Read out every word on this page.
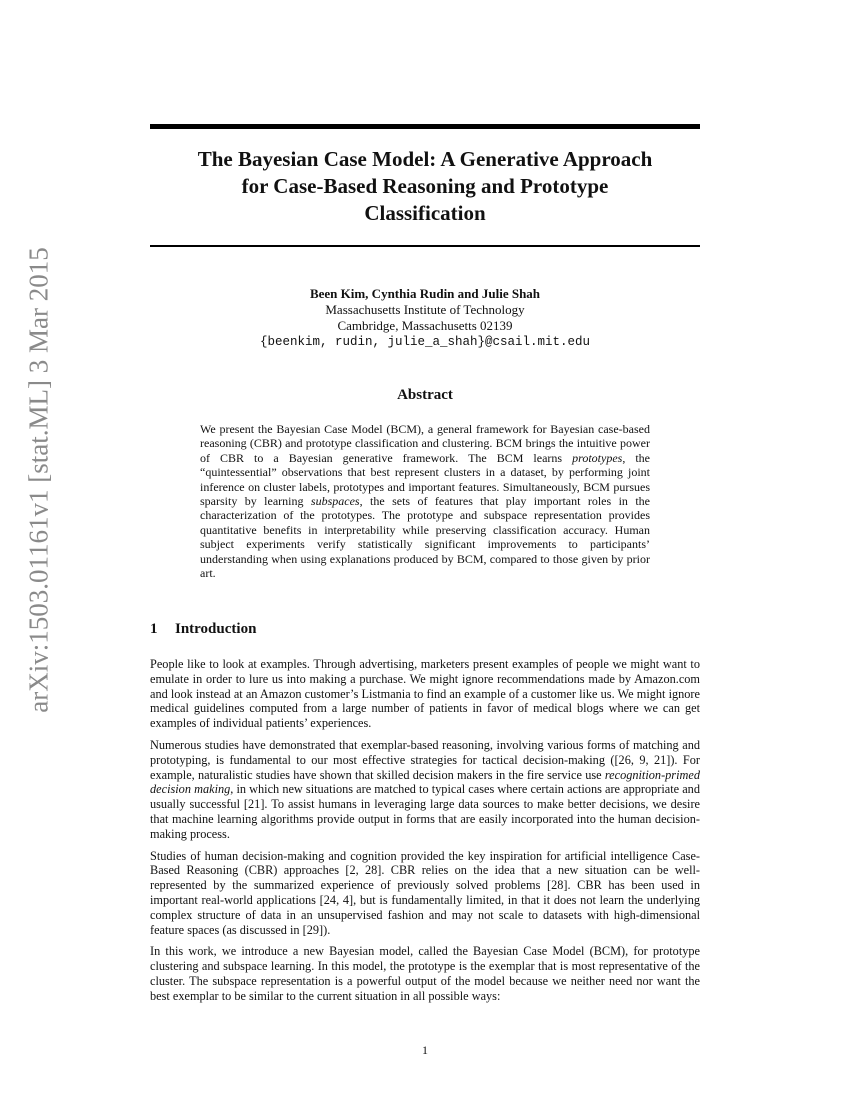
arXiv:1503.01161v1 [stat.ML] 3 Mar 2015
The Bayesian Case Model: A Generative Approach
for Case-Based Reasoning and Prototype
Classification
Been Kim, Cynthia Rudin and Julie Shah
Massachusetts Institute of Technology
Cambridge, Massachusetts 02139
{beenkim, rudin, julie_a_shah}@csail.mit.edu
Abstract
We present the Bayesian Case Model (BCM), a general framework for Bayesian case-based reasoning (CBR) and prototype classification and clustering. BCM brings the intuitive power of CBR to a Bayesian generative framework. The BCM learns prototypes, the “quintessential” observations that best represent clusters in a dataset, by performing joint inference on cluster labels, prototypes and important features. Simultaneously, BCM pursues sparsity by learning subspaces, the sets of features that play important roles in the characterization of the prototypes. The prototype and subspace representation provides quantitative benefits in interpretability while preserving classification accuracy. Human subject experiments verify statistically significant improvements to participants’ understanding when using explanations produced by BCM, compared to those given by prior art.
1 Introduction

People like to look at examples. Through advertising, marketers present examples of people we might want to emulate in order to lure us into making a purchase. We might ignore recommendations made by Amazon.com and look instead at an Amazon customer’s Listmania to find an example of a customer like us. We might ignore medical guidelines computed from a large number of patients in favor of medical blogs where we can get examples of individual patients’ experiences.

Numerous studies have demonstrated that exemplar-based reasoning, involving various forms of matching and prototyping, is fundamental to our most effective strategies for tactical decision-making ([26, 9, 21]). For example, naturalistic studies have shown that skilled decision makers in the fire service use recognition-primed decision making, in which new situations are matched to typical cases where certain actions are appropriate and usually successful [21]. To assist humans in leveraging large data sources to make better decisions, we desire that machine learning algorithms provide output in forms that are easily incorporated into the human decision-making process.

Studies of human decision-making and cognition provided the key inspiration for artificial intelligence Case-Based Reasoning (CBR) approaches [2, 28]. CBR relies on the idea that a new situation can be well-represented by the summarized experience of previously solved problems [28]. CBR has been used in important real-world applications [24, 4], but is fundamentally limited, in that it does not learn the underlying complex structure of data in an unsupervised fashion and may not scale to datasets with high-dimensional feature spaces (as discussed in [29]).

In this work, we introduce a new Bayesian model, called the Bayesian Case Model (BCM), for prototype clustering and subspace learning. In this model, the prototype is the exemplar that is most representative of the cluster. The subspace representation is a powerful output of the model because we neither need nor want the best exemplar to be similar to the current situation in all possible ways:

1
